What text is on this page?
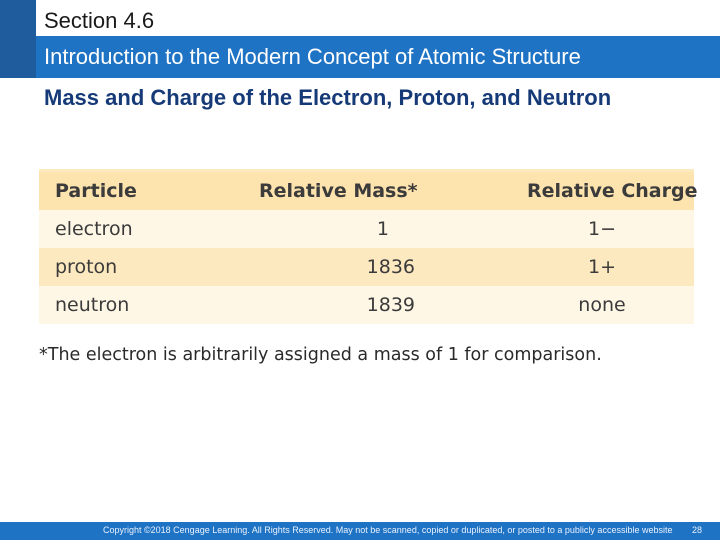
Section 4.6
Introduction to the Modern Concept of Atomic Structure
Mass and Charge of the Electron, Proton, and Neutron
Particle	Relative Mass*	Relative Charge
electron	1	1−
proton	1836	1+
neutron	1839	none
*The electron is arbitrarily assigned a mass of 1 for comparison.
Copyright ©2018 Cengage Learning. All Rights Reserved. May not be scanned, copied or duplicated, or posted to a publicly accessible website	28
